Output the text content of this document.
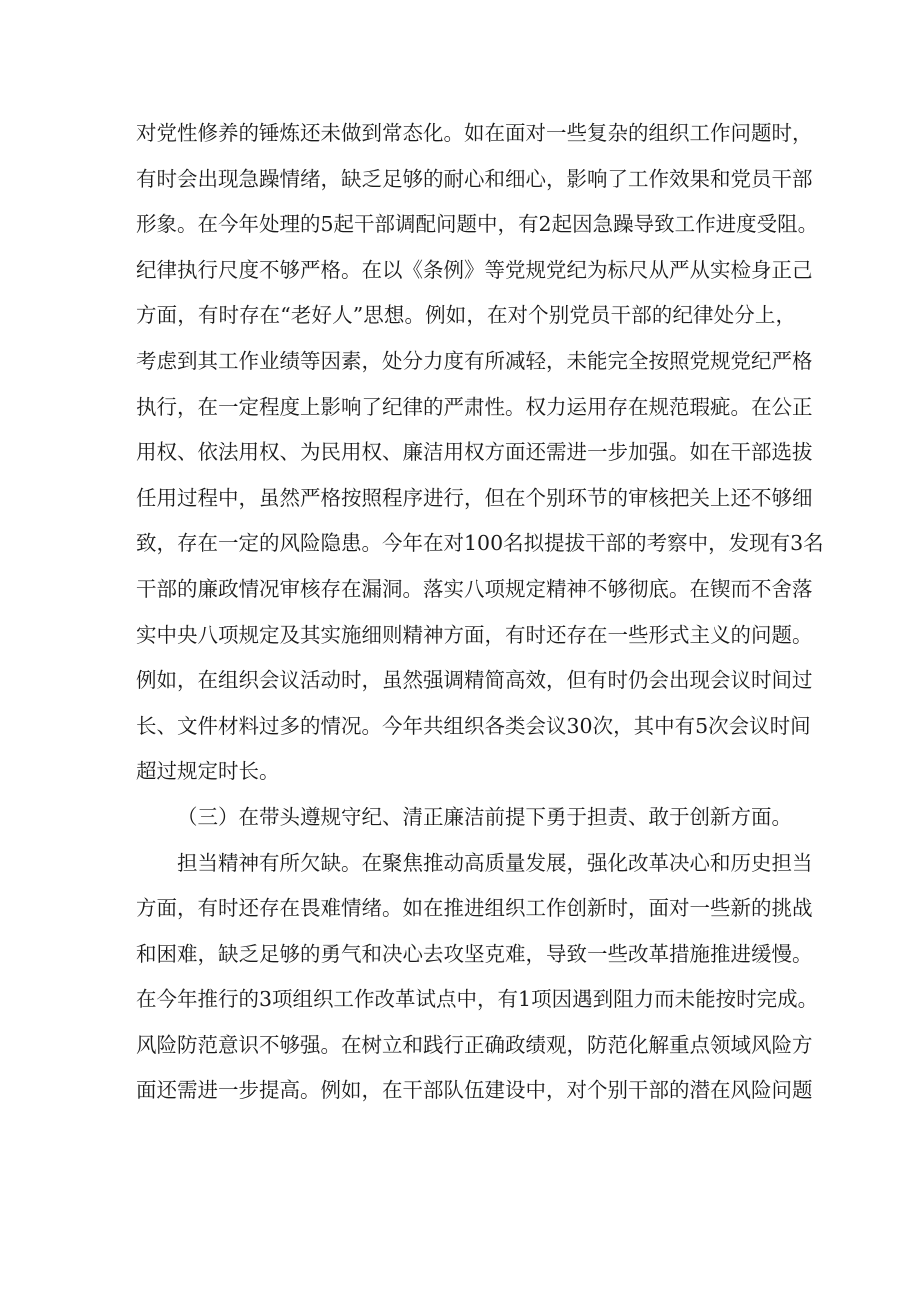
对党性修养的锤炼还未做到常态化。如在面对一些复杂的组织工作问题时，
有时会出现急躁情绪，缺乏足够的耐心和细心，影响了工作效果和党员干部
形象。在今年处理的5起干部调配问题中，有2起因急躁导致工作进度受阻。
纪律执行尺度不够严格。在以《条例》等党规党纪为标尺从严从实检身正己
方面，有时存在“老好人”思想。例如，在对个别党员干部的纪律处分上，
考虑到其工作业绩等因素，处分力度有所减轻，未能完全按照党规党纪严格
执行，在一定程度上影响了纪律的严肃性。权力运用存在规范瑕疵。在公正
用权、依法用权、为民用权、廉洁用权方面还需进一步加强。如在干部选拔
任用过程中，虽然严格按照程序进行，但在个别环节的审核把关上还不够细
致，存在一定的风险隐患。今年在对100名拟提拔干部的考察中，发现有3名
干部的廉政情况审核存在漏洞。落实八项规定精神不够彻底。在锲而不舍落
实中央八项规定及其实施细则精神方面，有时还存在一些形式主义的问题。
例如，在组织会议活动时，虽然强调精简高效，但有时仍会出现会议时间过
长、文件材料过多的情况。今年共组织各类会议30次，其中有5次会议时间
超过规定时长。
（三）在带头遵规守纪、清正廉洁前提下勇于担责、敢于创新方面。
担当精神有所欠缺。在聚焦推动高质量发展，强化改革决心和历史担当
方面，有时还存在畏难情绪。如在推进组织工作创新时，面对一些新的挑战
和困难，缺乏足够的勇气和决心去攻坚克难，导致一些改革措施推进缓慢。
在今年推行的3项组织工作改革试点中，有1项因遇到阻力而未能按时完成。
风险防范意识不够强。在树立和践行正确政绩观，防范化解重点领域风险方
面还需进一步提高。例如，在干部队伍建设中，对个别干部的潜在风险问题
